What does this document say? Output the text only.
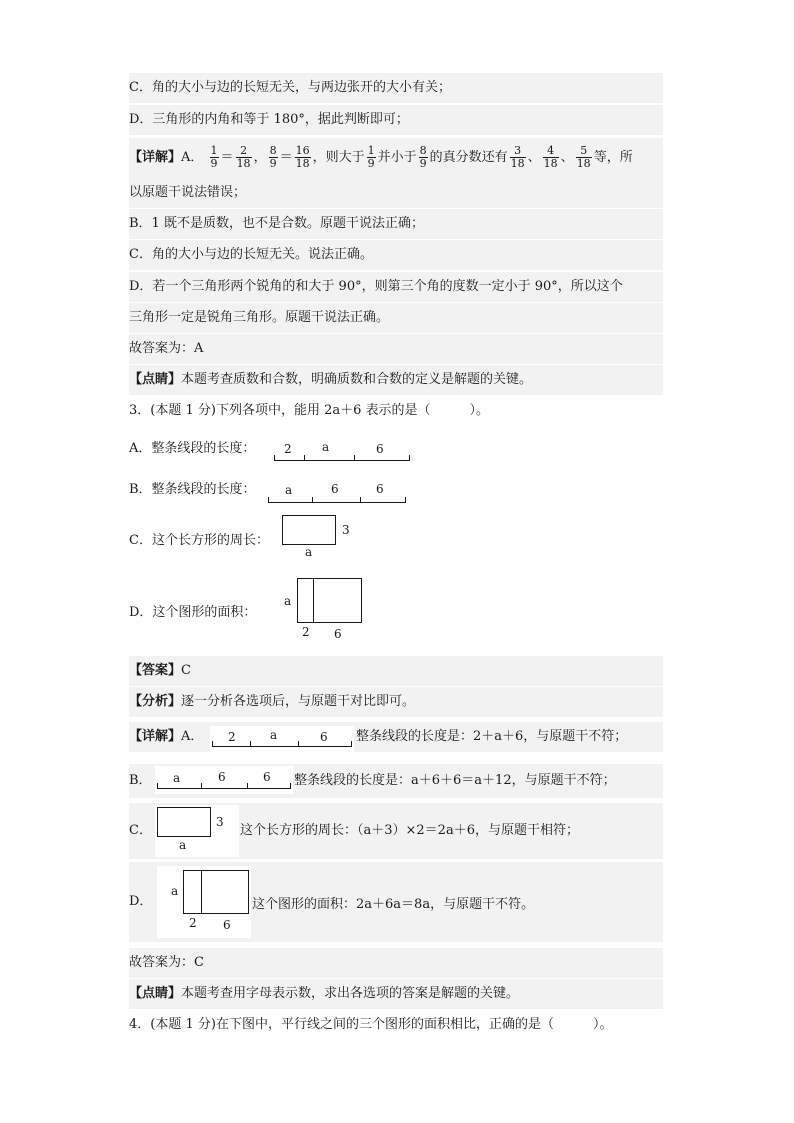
C．角的大小与边的长短无关，与两边张开的大小有关；
D．三角形的内角和等于 180°，据此判断即可；
【详解】A． $\frac{1}{9} = \frac{2}{18}$ ， $\frac{8}{9} = \frac{16}{18}$ ，则大于 $\frac{1}{9}$ 并小于 $\frac{8}{9}$ 的真分数还有 $\frac{3}{18}$ 、 $\frac{4}{18}$ 、 $\frac{5}{18}$ 等，所
以原题干说法错误；
B．1 既不是质数，也不是合数。原题干说法正确；
C．角的大小与边的长短无关。说法正确。
D．若一个三角形两个锐角的和大于 90°，则第三个角的度数一定小于 90°，所以这个
三角形一定是锐角三角形。原题干说法正确。
故答案为：A
【点睛】本题考查质数和合数，明确质数和合数的定义是解题的关键。
3．(本题 1 分)下列各项中，能用 2a＋6 表示的是（　　　）。
A．整条线段的长度：	2	a	6
B．整条线段的长度：	a	6	6
C．这个长方形的周长：
3
a
D．这个图形的面积：
a
2 6
【答案】C
【分析】逐一分析各选项后，与原题干对比即可。
【详解】A．	2	a	6 整条线段的长度是：2＋a＋6，与原题干不符；
B．	a	6	6 整条线段的长度是：a＋6＋6＝a＋12，与原题干不符；
C．
3
a
这个长方形的周长：（a＋3）×2＝2a＋6，与原题干相符；
D．
a
2 6
这个图形的面积：2a＋6a＝8a，与原题干不符。
故答案为：C
【点睛】本题考查用字母表示数，求出各选项的答案是解题的关键。
4．(本题 1 分)在下图中，平行线之间的三个图形的面积相比，正确的是（　　　）。
